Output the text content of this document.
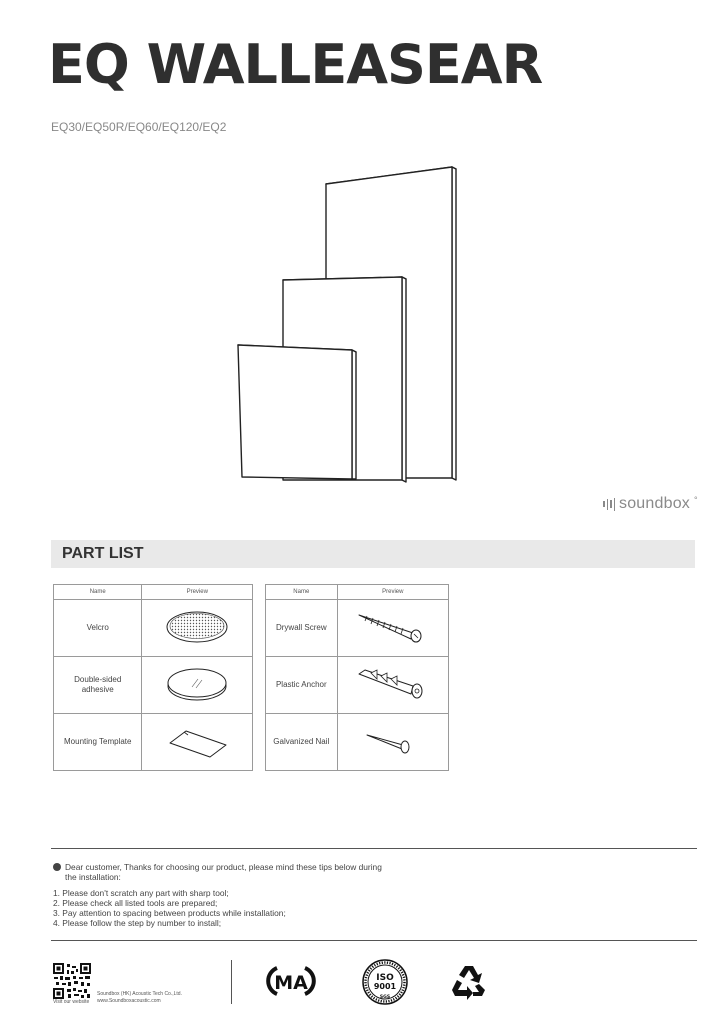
EQ WALLEASEAR
EQ30/EQ50R/EQ60/EQ120/EQ2
soundbox °
PART LIST
Name	Preview
Velcro	
Double-sided adhesive	
Mounting Template	
Name	Preview
Drywall Screw	
Plastic Anchor	
Galvanized Nail	
Dear customer, Thanks for choosing our product, please mind these tips below during the installation:
1. Please don't scratch any part with sharp tool;
2. Please check all listed tools are prepared;
3. Pay attention to spacing between products while installation;
4. Please follow the step by number to install;
Soundbox (HK) Acoustic Tech Co.,Ltd.
www.Soundboxacoustic.com
Visit our website
MA	ISO
9001
SGS
